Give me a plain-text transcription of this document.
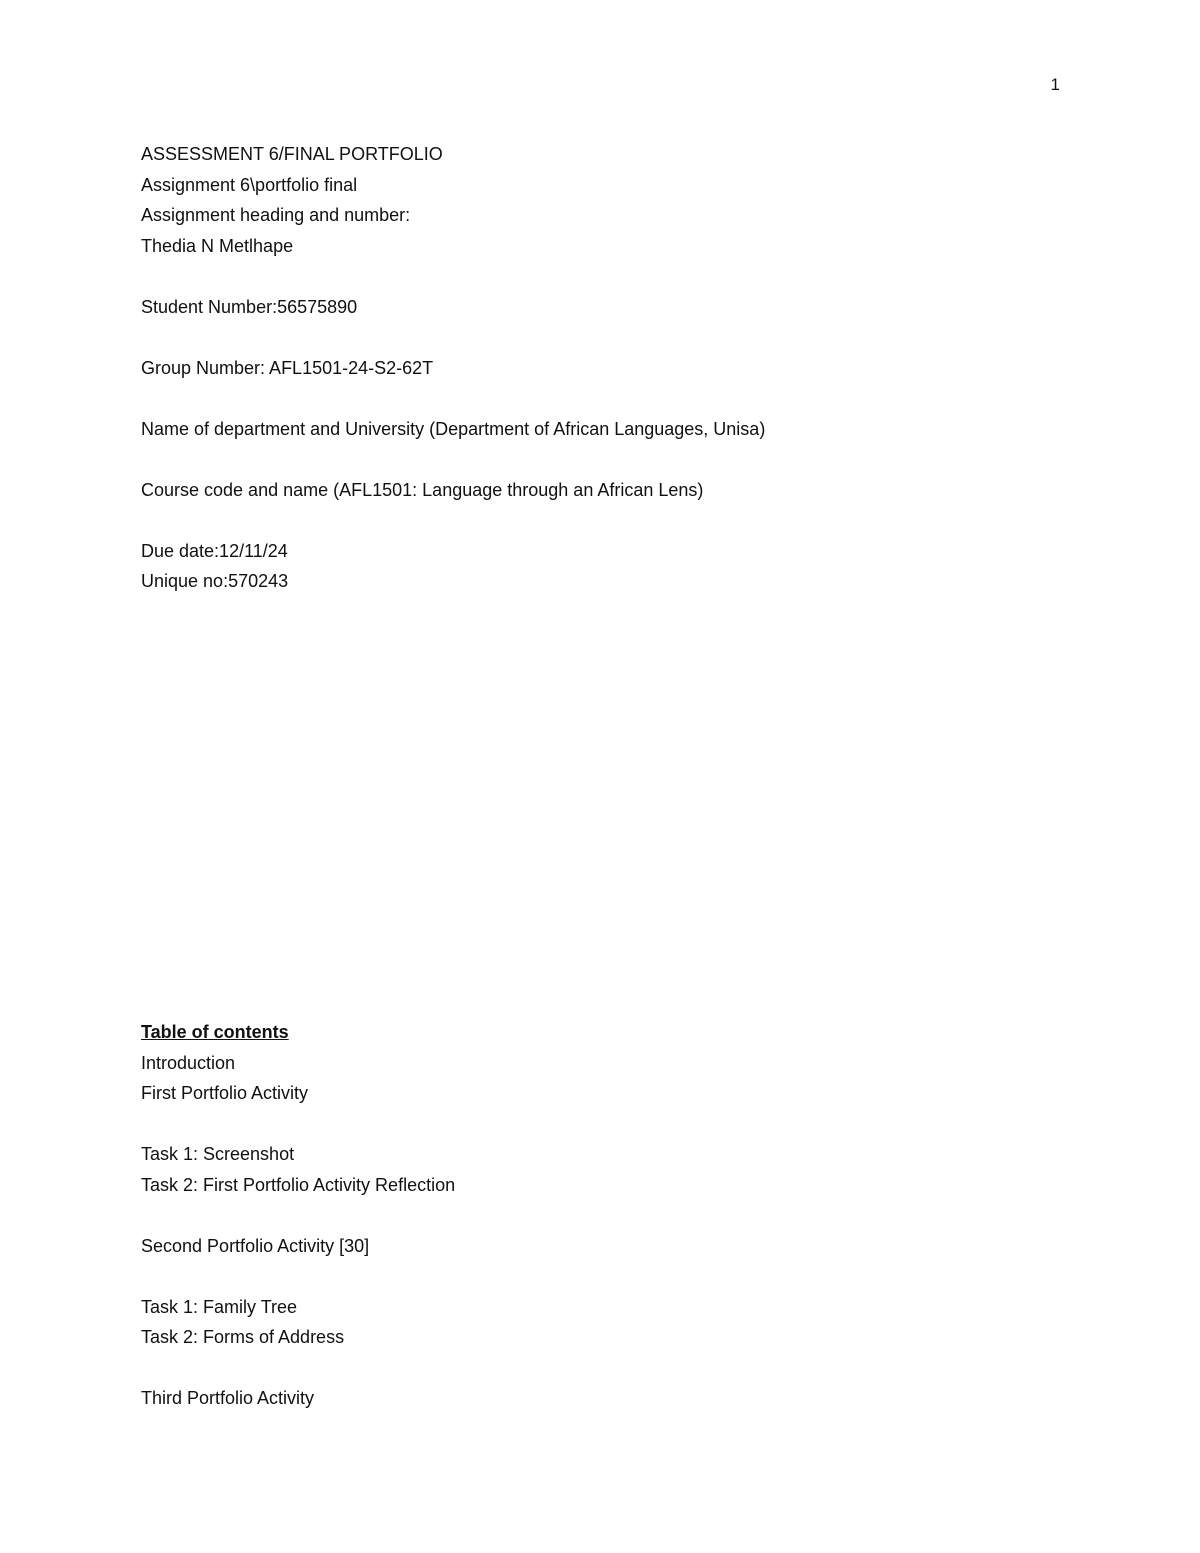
1
ASSESSMENT 6/FINAL PORTFOLIO
Assignment 6\portfolio final
Assignment heading and number:
Thedia N Metlhape
Student Number:56575890
Group Number: AFL1501-24-S2-62T
Name of department and University (Department of African Languages, Unisa)
Course code and name (AFL1501: Language through an African Lens)
Due date:12/11/24
Unique no:570243
Table of contents
Introduction
First Portfolio Activity
Task 1: Screenshot
Task 2: First Portfolio Activity Reflection
Second Portfolio Activity [30]
Task 1: Family Tree
Task 2: Forms of Address
Third Portfolio Activity
